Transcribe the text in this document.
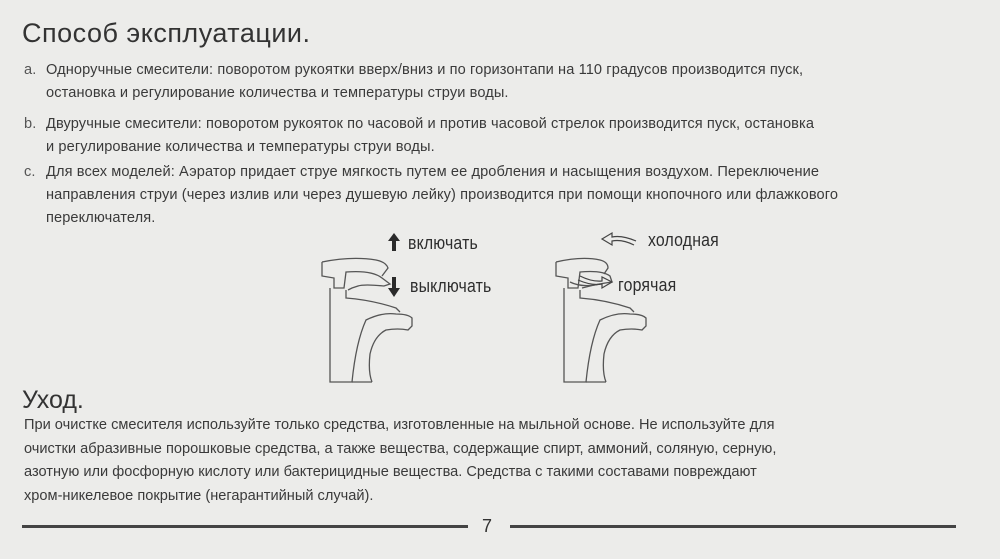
Способ эксплуатации.
a. Однoручные смесители: поворотом рукоятки вверх/вниз и по горизонтапи на 110 градусов производится пуск,
остановка и регулирование количества и температуры струи воды.
b. Двуручные смесители: поворотом рукояток по часовой и против часовой стрелок производится пуск, остановка
и регулирование количества и температуры струи воды.
c. Для всех моделей: Аэратор придает струе мягкость путем ее дробления и насыщения воздухом. Переключение
направления струи (через излив или через душевую лейку) производится при помощи кнопочного или флажкового
переключателя.
включать
выключать
холодная
горячая
Уход.
При очистке смесителя используйте только средства, изготовленные на мыльной основе. Не используйте для
очистки абразивные порошковые средства, а также вещества, содержащие спирт, аммоний, соляную, серную,
азотную или фосфорную кислоту или бактерицидные вещества. Средства с такими составами повреждают
хром-никелевое покрытие (негарантийный случай).
7
